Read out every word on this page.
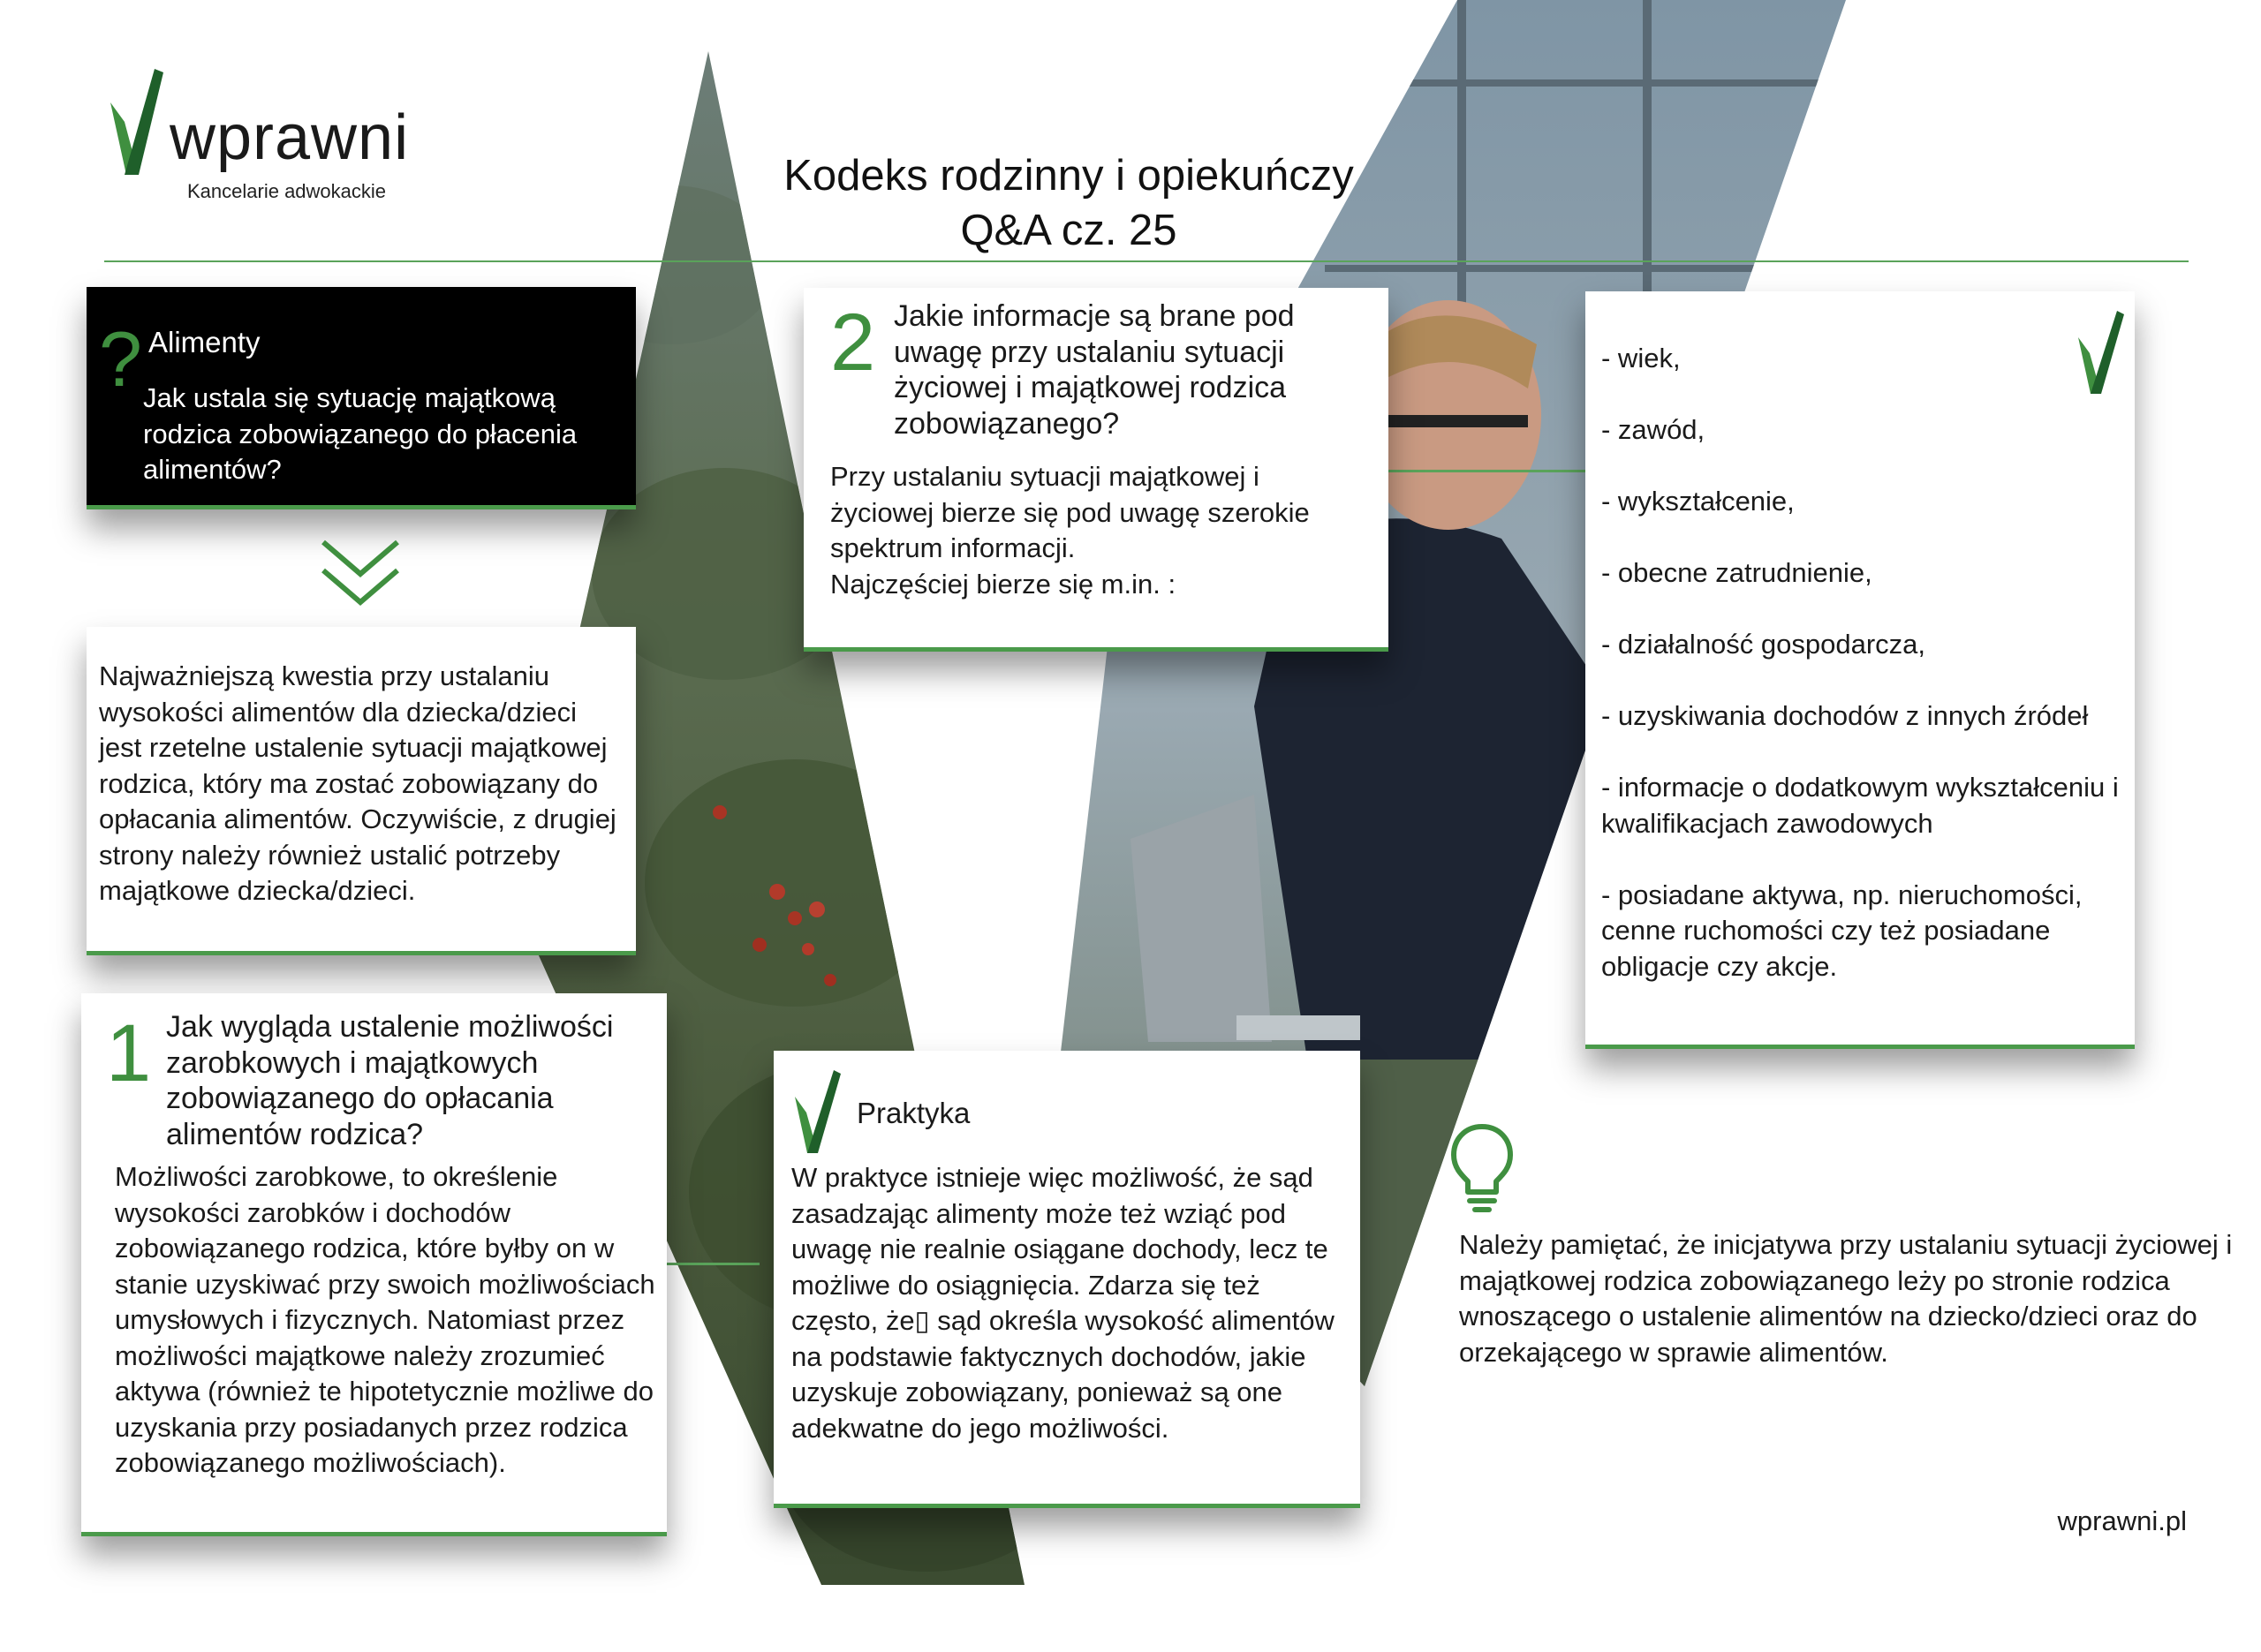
wprawni
Kancelarie adwokackie	Kodeks rodzinny i opiekuńczy
Q&A cz. 25
? Alimenty
Jak ustala się sytuację majątkową rodzica zobowiązanego do płacenia alimentów?
Najważniejszą kwestia przy ustalaniu wysokości alimentów dla dziecka/dzieci jest rzetelne ustalenie sytuacji majątkowej rodzica, który ma zostać zobowiązany do opłacania alimentów. Oczywiście, z drugiej strony należy również ustalić potrzeby majątkowe dziecka/dzieci.
1 Jak wygląda ustalenie możliwości zarobkowych i majątkowych zobowiązanego do opłacania alimentów rodzica?
Możliwości zarobkowe, to określenie wysokości zarobków i dochodów zobowiązanego rodzica, które byłby on w stanie uzyskiwać przy swoich możliwościach umysłowych i fizycznych. Natomiast przez możliwości majątkowe należy zrozumieć aktywa (również te hipotetycznie możliwe do uzyskania przy posiadanych przez rodzica zobowiązanego możliwościach).
2 Jakie informacje są brane pod uwagę przy ustalaniu sytuacji życiowej i majątkowej rodzica zobowiązanego?
Przy ustalaniu sytuacji majątkowej i życiowej bierze się pod uwagę szerokie spektrum informacji.
Najczęściej bierze się m.in. :
- wiek,
- zawód,
- wykształcenie,
- obecne zatrudnienie,
- działalność gospodarcza,
- uzyskiwania dochodów z innych źródeł
- informacje o dodatkowym wykształceniu i kwalifikacjach zawodowych
- posiadane aktywa, np. nieruchomości, cenne ruchomości czy też posiadane obligacje czy akcje.
Praktyka
W praktyce istnieje więc możliwość, że sąd zasadzając alimenty może też wziąć pod uwagę nie realnie osiągane dochody, lecz te możliwe do osiągnięcia. Zdarza się też często, że▯ sąd określa wysokość alimentów na podstawie faktycznych dochodów, jakie uzyskuje zobowiązany, ponieważ są one adekwatne do jego możliwości.
Należy pamiętać, że inicjatywa przy ustalaniu sytuacji życiowej i majątkowej rodzica zobowiązanego leży po stronie rodzica wnoszącego o ustalenie alimentów na dziecko/dzieci oraz do orzekającego w sprawie alimentów.
wprawni.pl
